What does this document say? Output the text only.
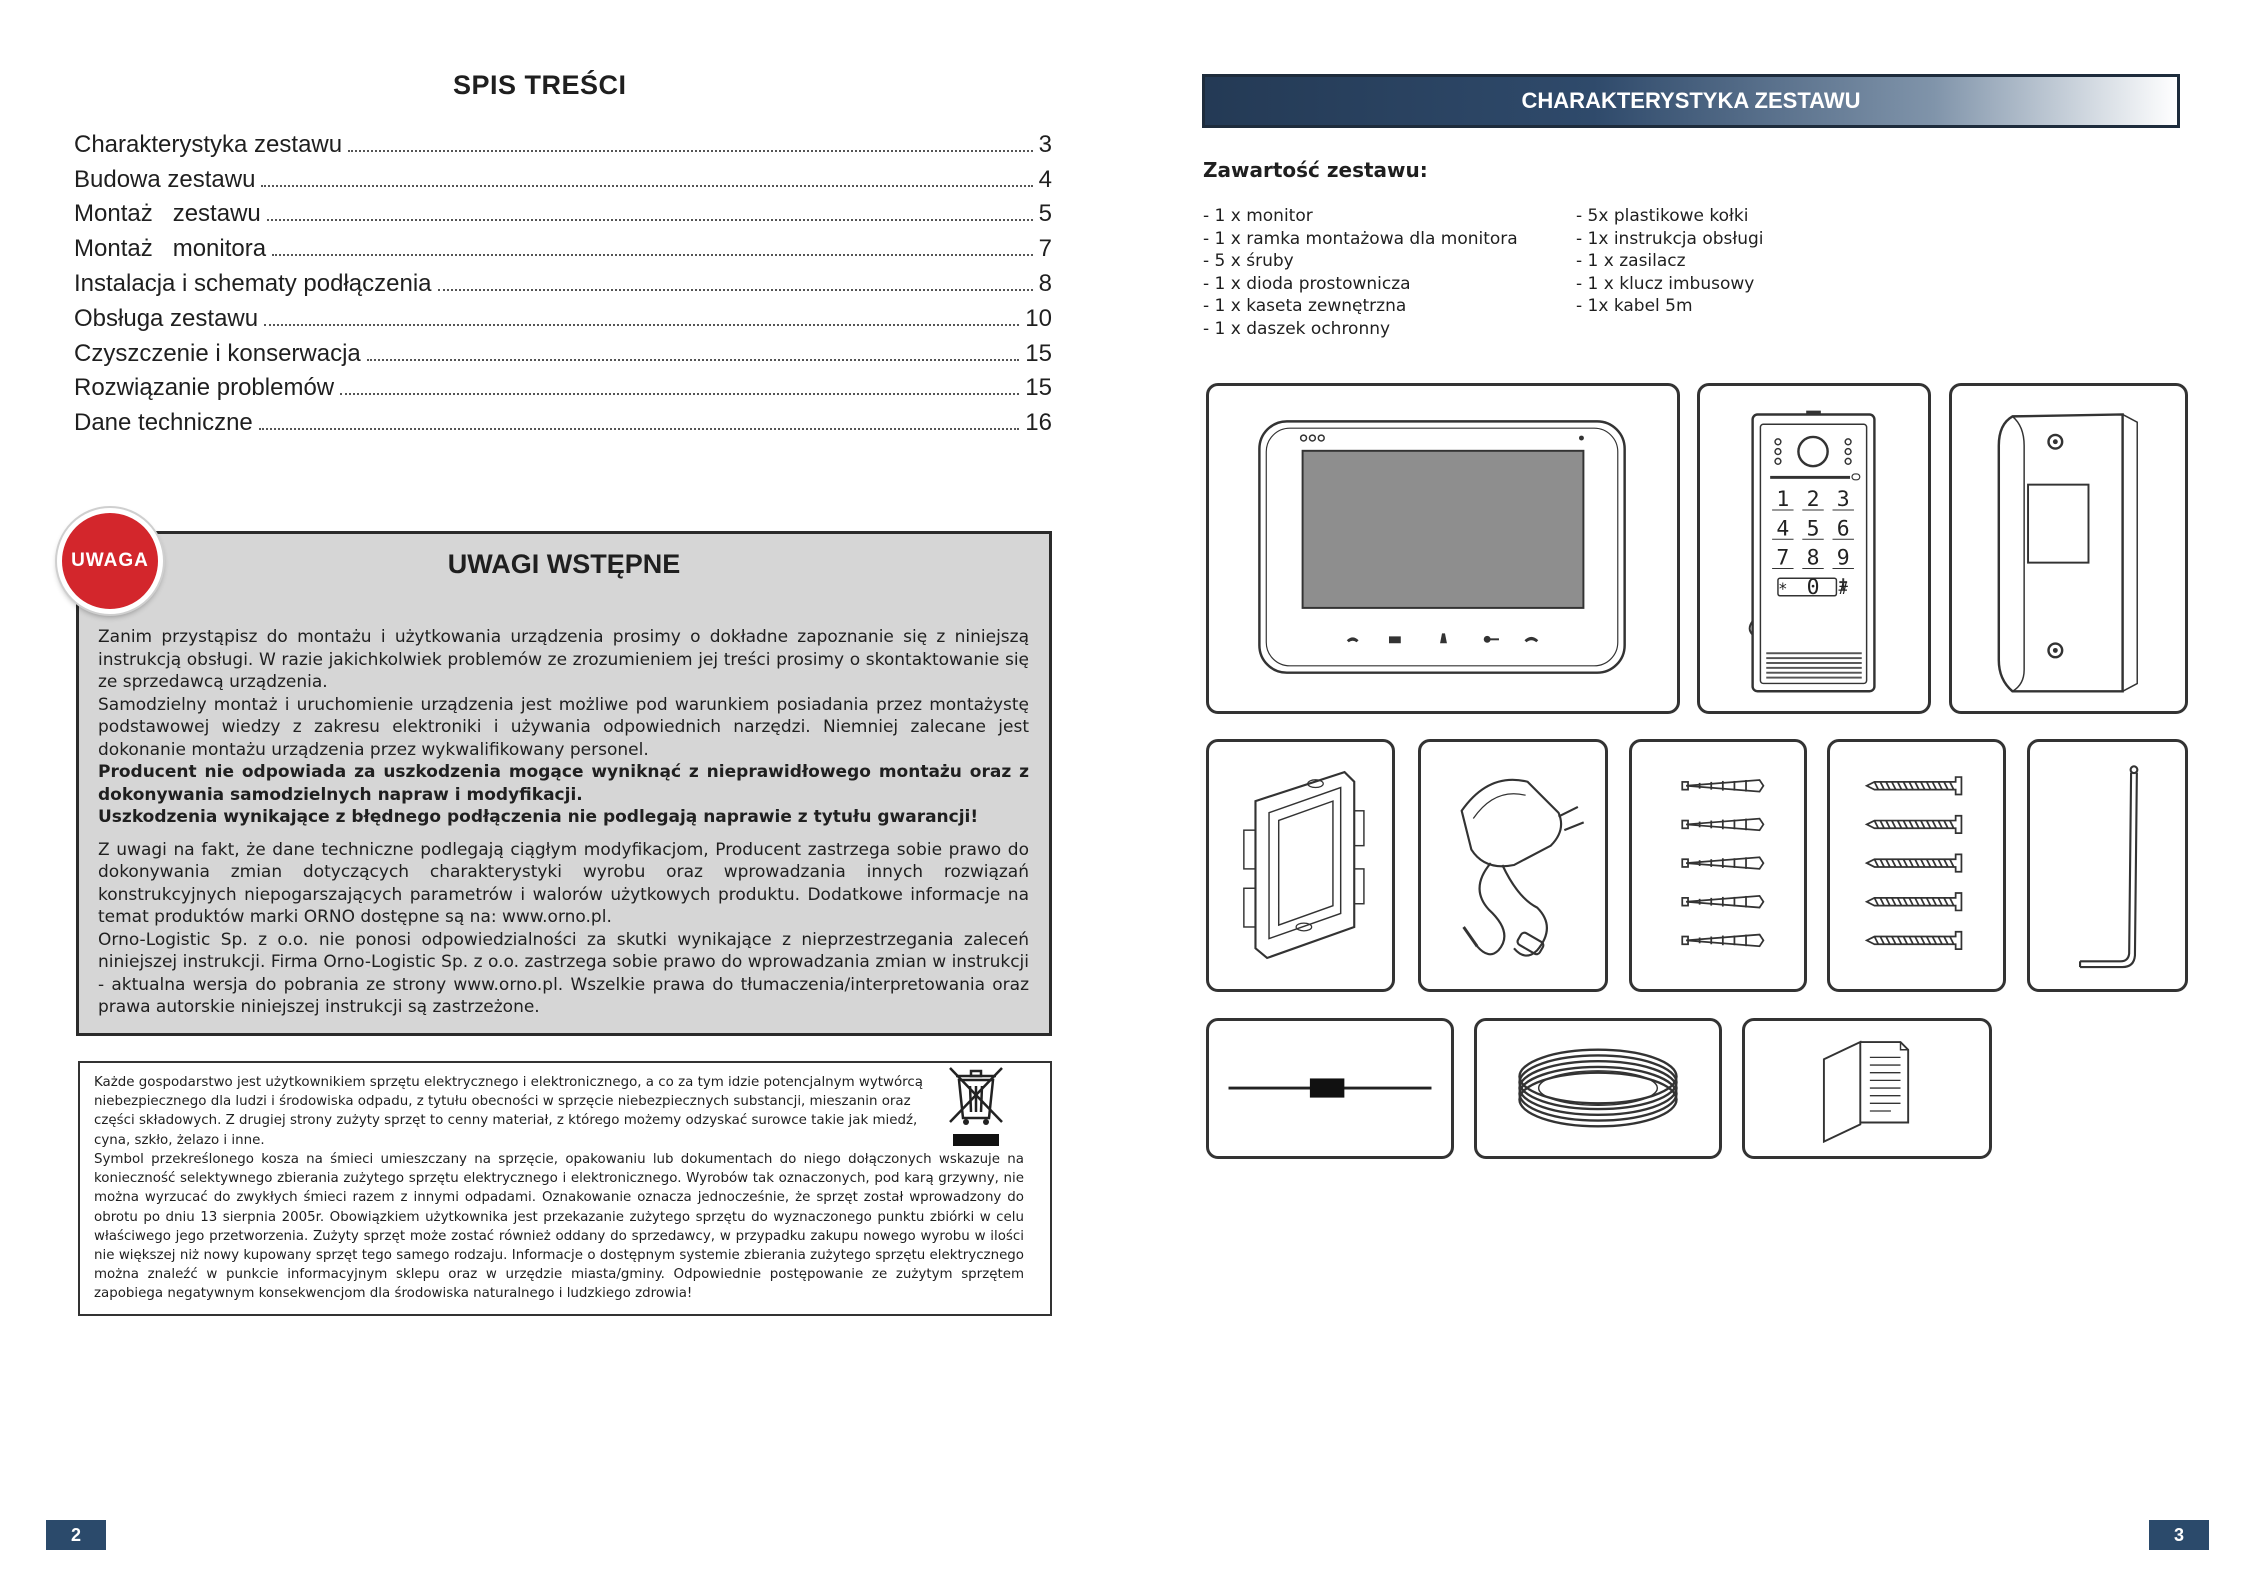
SPIS TREŚCI
Charakterystyka zestawu	3
Budowa zestawu	4
Montaż   zestawu	5
Montaż   monitora	7
Instalacja i schematy podłączenia	8
Obsługa zestawu	10
Czyszczenie i konserwacja	15
Rozwiązanie problemów	15
Dane techniczne	16
UWAGA	UWAGI WSTĘPNE

Zanim przystąpisz do montażu i użytkowania urządzenia prosimy o dokładne zapoznanie się z niniejszą instrukcją obsługi. W razie jakichkolwiek problemów ze zrozumieniem jej treści prosimy o skontaktowanie się ze sprzedawcą urządzenia.

Samodzielny montaż i uruchomienie urządzenia jest możliwe pod warunkiem posiadania przez montażystę podstawowej wiedzy z zakresu elektroniki i używania odpowiednich narzędzi. Niemniej zalecane jest dokonanie montażu urządzenia przez wykwalifikowany personel.

Producent nie odpowiada za uszkodzenia mogące wyniknąć z nieprawidłowego montażu oraz z dokonywania samodzielnych napraw i modyfikacji.

Uszkodzenia wynikające z błędnego podłączenia nie podlegają naprawie z tytułu gwarancji!

Z uwagi na fakt, że dane techniczne podlegają ciągłym modyfikacjom, Producent zastrzega sobie prawo do dokonywania zmian dotyczących charakterystyki wyrobu oraz wprowadzania innych rozwiązań konstrukcyjnych niepogarszających parametrów i walorów użytkowych produktu. Dodatkowe informacje na temat produktów marki ORNO dostępne są na: www.orno.pl.

Orno-Logistic Sp. z o.o. nie ponosi odpowiedzialności za skutki wynikające z nieprzestrzegania zaleceń niniejszej instrukcji. Firma Orno-Logistic Sp. z o.o. zastrzega sobie prawo do wprowadzania zmian w instrukcji - aktualna wersja do pobrania ze strony www.orno.pl. Wszelkie prawa do tłumaczenia/interpretowania oraz prawa autorskie niniejszej instrukcji są zastrzeżone.

Każde gospodarstwo jest użytkownikiem sprzętu elektrycznego i elektronicznego, a co za tym idzie potencjalnym wytwórcą niebezpiecznego dla ludzi i środowiska odpadu, z tytułu obecności w sprzęcie niebezpiecznych substancji, mieszanin oraz części składowych. Z drugiej strony zużyty sprzęt to cenny materiał, z którego możemy odzyskać surowce takie jak miedź, cyna, szkło, żelazo i inne.
Symbol przekreślonego kosza na śmieci umieszczany na sprzęcie, opakowaniu lub dokumentach do niego dołączonych wskazuje na konieczność selektywnego zbierania zużytego sprzętu elektrycznego i elektronicznego. Wyrobów tak oznaczonych, pod karą grzywny, nie można wyrzucać do zwykłych śmieci razem z innymi odpadami. Oznakowanie oznacza jednocześnie, że sprzęt został wprowadzony do obrotu po dniu 13 sierpnia 2005r. Obowiązkiem użytkownika jest przekazanie zużytego sprzętu do wyznaczonego punktu zbiórki w celu właściwego jego przetworzenia. Zużyty sprzęt może zostać również oddany do sprzedawcy, w przypadku zakupu nowego wyrobu w ilości nie większej niż nowy kupowany sprzęt tego samego rodzaju. Informacje o dostępnym systemie zbierania zużytego sprzętu elektrycznego można znaleźć w punkcie informacyjnym sklepu oraz w urzędzie miasta/gminy. Odpowiednie postępowanie ze zużytym sprzętem zapobiega negatywnym konsekwencjom dla środowiska naturalnego i ludzkiego zdrowia!
2
CHARAKTERYSTYKA ZESTAWU
Zawartość zestawu:
- 1 x monitor
- 1 x ramka montażowa dla monitora
- 5 x śruby
- 1 x dioda prostownicza
- 1 x kaseta zewnętrzna
- 1 x daszek ochronny
- 5x plastikowe kołki
- 1x instrukcja obsługi
- 1 x zasilacz
- 1 x klucz imbusowy
- 1x kabel 5m
1 2 3
4 5 6
7 8 9
* 0 #
3
